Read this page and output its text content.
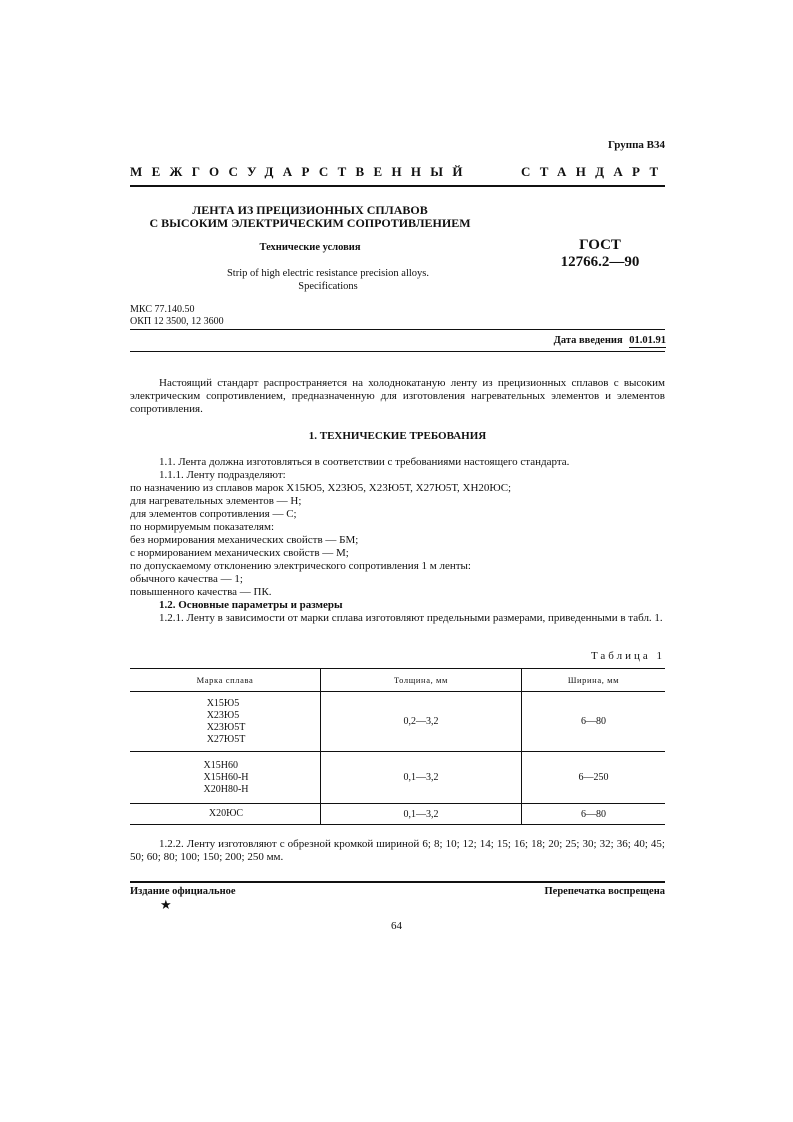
Группа В34
МЕЖГОСУДАРСТВЕННЫЙ	СТАНДАРТ
ЛЕНТА ИЗ ПРЕЦИЗИОННЫХ СПЛАВОВ
С ВЫСОКИМ ЭЛЕКТРИЧЕСКИМ СОПРОТИВЛЕНИЕМ
Технические условия
Strip of high electric resistance precision alloys.
Specifications
ГОСТ
12766.2—90
МКС 77.140.50
ОКП 12 3500, 12 3600
Дата введения 01.01.91
Настоящий стандарт распространяется на холоднокатаную ленту из прецизионных сплавов с высоким электрическим сопротивлением, предназначенную для изготовления нагревательных элементов и элементов сопротивления.
1. ТЕХНИЧЕСКИЕ ТРЕБОВАНИЯ
1.1. Лента должна изготовляться в соответствии с требованиями настоящего стандарта.
1.1.1. Ленту подразделяют:
по назначению из сплавов марок Х15Ю5, Х23Ю5, Х23Ю5Т, Х27Ю5Т, ХН20ЮС;
для нагревательных элементов — Н;
для элементов сопротивления — С;
по нормируемым показателям:
без нормирования механических свойств — БМ;
с нормированием механических свойств — М;
по допускаемому отклонению электрического сопротивления 1 м ленты:
обычного качества — 1;
повышенного качества — ПК.
1.2. Основные параметры и размеры
1.2.1. Ленту в зависимости от марки сплава изготовляют предельными размерами, приведенными в табл. 1.
Таблица 1
Марка сплава	Толщина, мм	Ширина, мм
Х15Ю5
Х23Ю5
Х23Ю5Т
Х27Ю5Т	0,2—3,2	6—80
Х15Н60
Х15Н60-Н
Х20Н80-Н	0,1—3,2	6—250
Х20ЮС	0,1—3,2	6—80
1.2.2. Ленту изготовляют с обрезной кромкой шириной 6; 8; 10; 12; 14; 15; 16; 18; 20; 25; 30; 32; 36; 40; 45; 50; 60; 80; 100; 150; 200; 250 мм.
Издание официальное	Перепечатка воспрещена
★
64
